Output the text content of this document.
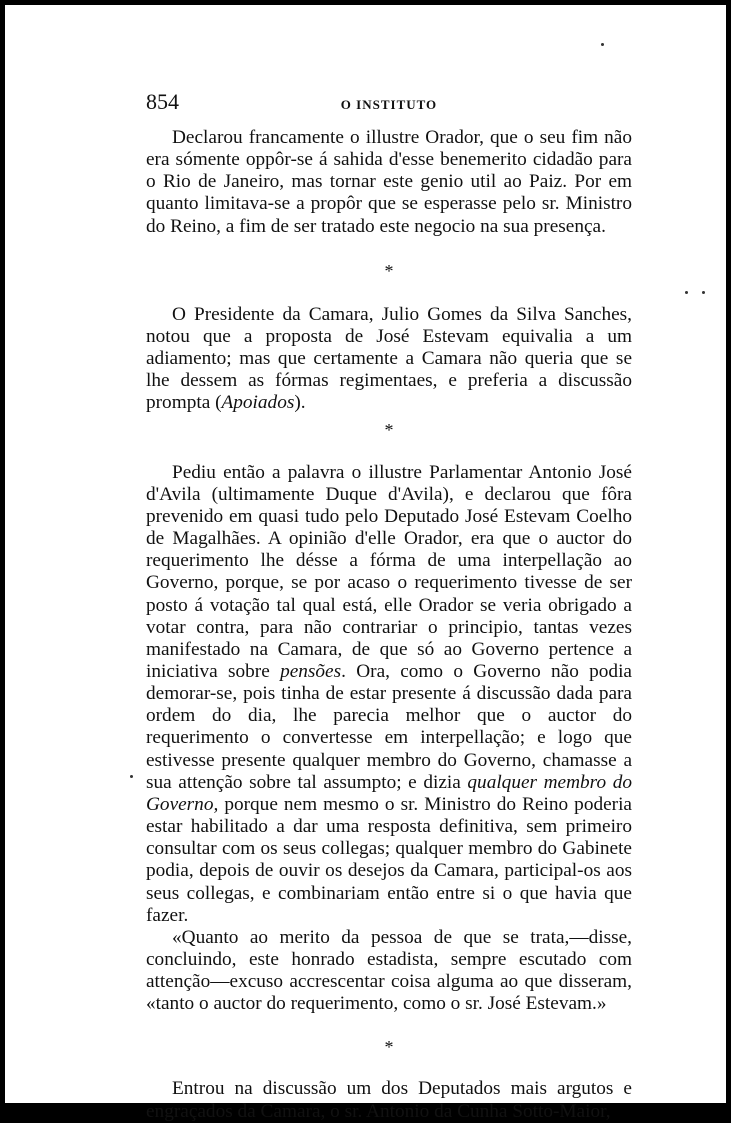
854	O INSTITUTO

Declarou francamente o illustre Orador, que o seu fim não era sómente oppôr-se á sahida d'esse benemerito cidadão para o Rio de Janeiro, mas tornar este genio util ao Paiz. Por em quanto limitava-se a propôr que se esperasse pelo sr. Ministro do Reino, a fim de ser tratado este negocio na sua presença.

*

O Presidente da Camara, Julio Gomes da Silva Sanches, notou que a proposta de José Estevam equivalia a um adiamento; mas que certamente a Camara não queria que se lhe dessem as fórmas regimentaes, e preferia a discussão prompta (Apoiados).

*

Pediu então a palavra o illustre Parlamentar Antonio José d'Avila (ultimamente Duque d'Avila), e declarou que fôra prevenido em quasi tudo pelo Deputado José Estevam Coelho de Magalhães. A opinião d'elle Orador, era que o auctor do requerimento lhe désse a fórma de uma interpellação ao Governo, porque, se por acaso o requerimento tivesse de ser posto á votação tal qual está, elle Orador se veria obrigado a votar contra, para não contrariar o principio, tantas vezes manifestado na Camara, de que só ao Governo pertence a iniciativa sobre pensões. Ora, como o Governo não podia demorar-se, pois tinha de estar presente á discussão dada para ordem do dia, lhe parecia melhor que o auctor do requerimento o convertesse em interpellação; e logo que estivesse presente qualquer membro do Governo, chamasse a sua attenção sobre tal assumpto; e dizia qualquer membro do Governo, porque nem mesmo o sr. Ministro do Reino poderia estar habilitado a dar uma resposta definitiva, sem primeiro consultar com os seus collegas; qualquer membro do Gabinete podia, depois de ouvir os desejos da Camara, participal-os aos seus collegas, e combinariam então entre si o que havia que fazer.

«Quanto ao merito da pessoa de que se trata,—disse, concluindo, este honrado estadista, sempre escutado com attenção—excuso accrescentar coisa alguma ao que disseram, «tanto o auctor do requerimento, como o sr. José Estevam.»

*

Entrou na discussão um dos Deputados mais argutos e engraçados da Camara, o sr. Antonio da Cunha Sotto-Maior,
